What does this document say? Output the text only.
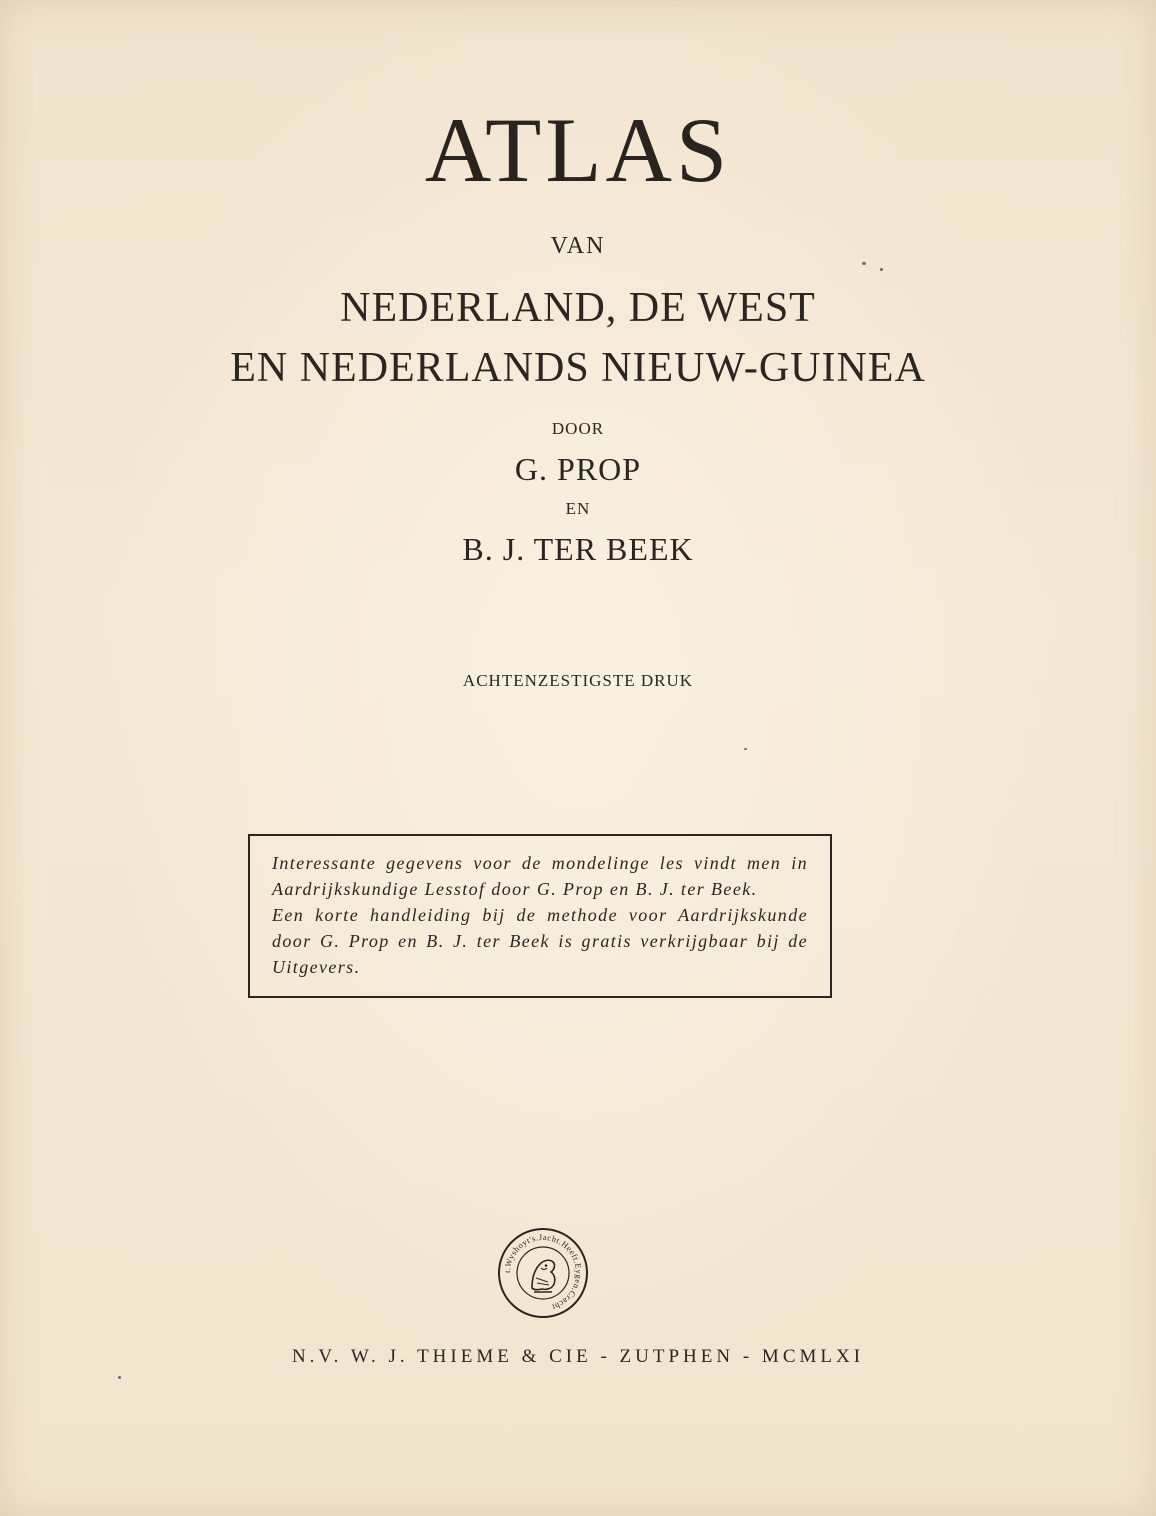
ATLAS
VAN
NEDERLAND, DE WEST
EN NEDERLANDS NIEUW-GUINEA
DOOR
G. PROP
EN
B. J. TER BEEK
ACHTENZESTIGSTE DRUK

Interessante gegevens voor de mondelinge les vindt men in Aardrijkskundige Lesstof door G. Prop en B. J. ter Beek.

Een korte handleiding bij de methode voor Aardrijkskunde door G. Prop en B. J. ter Beek is gratis verkrijgbaar bij de Uitgevers.

t.Wyshoyt's.Jacht.Heeft.Eygen.Cracht
N.V. W. J. THIEME & CIE - ZUTPHEN - MCMLXI
